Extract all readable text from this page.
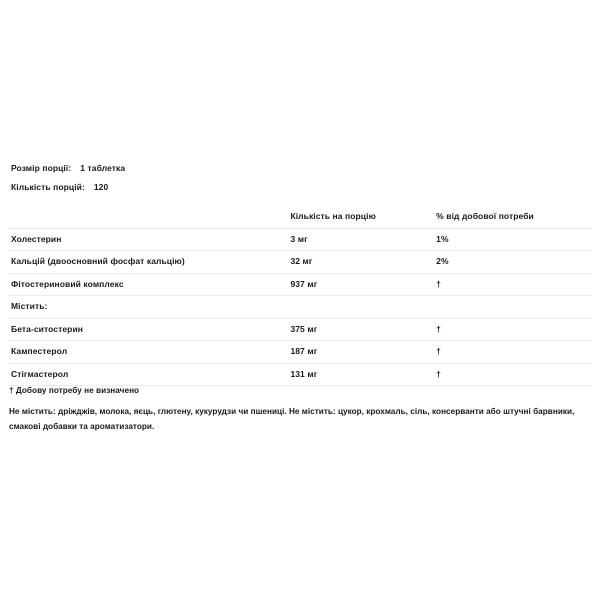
Розмір порції: 1 таблетка
Кількість порцій: 120
	Кількість на порцію	% від добової потреби
Холестерин	3 мг	1%
Кальцій (двоосновний фосфат кальцію)	32 мг	2%
Фітостериновий комплекс	937 мг	†
Містить:		
Бета-ситостерин	375 мг	†
Кампестерол	187 мг	†
Стігмастерол	131 мг	†
† Добову потребу не визначено
Не містить: дріжджів, молока, яєць, глютену, кукурудзи чи пшениці. Не містить: цукор, крохмаль, сіль, консерванти або штучні барвники, смакові добавки та ароматизатори.
